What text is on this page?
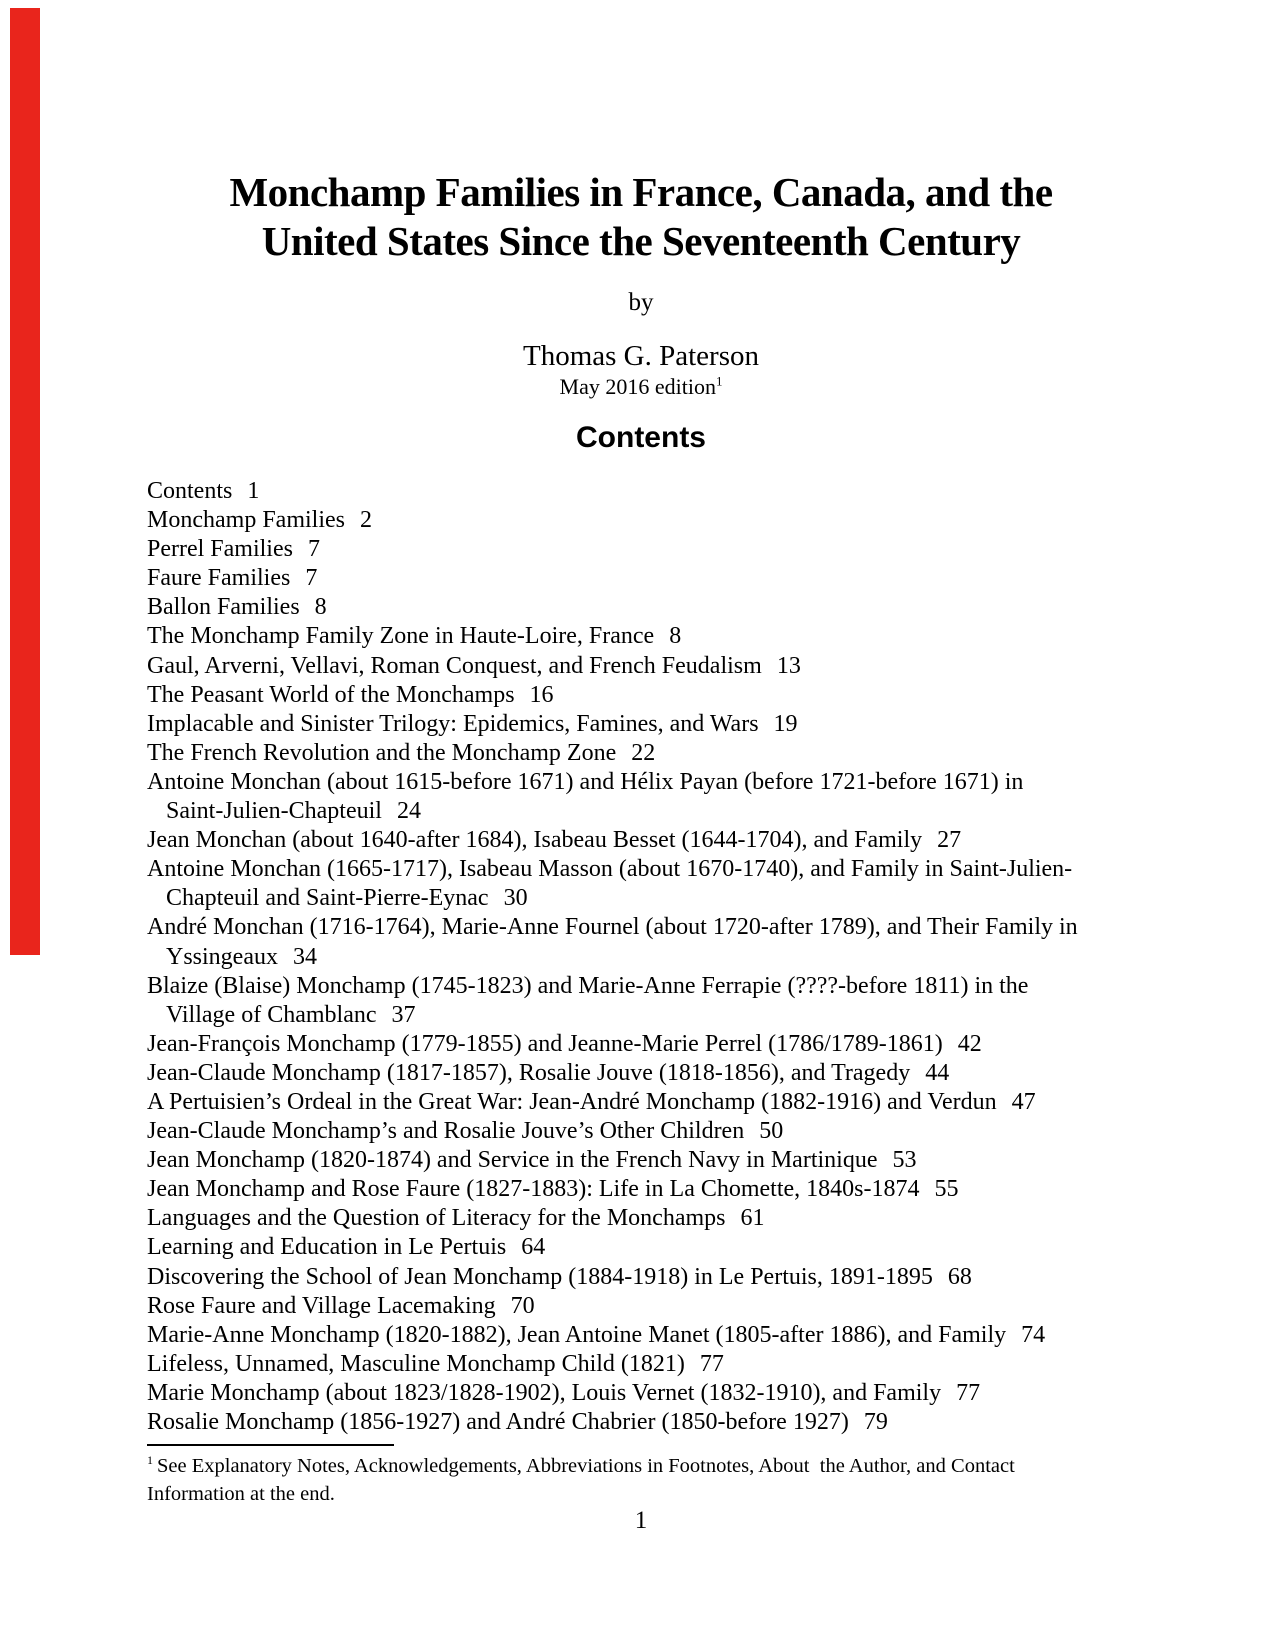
Monchamp Families in France, Canada, and the
United States Since the Seventeenth Century
by
Thomas G. Paterson
May 2016 edition$^1$
Contents
Contents 1
Monchamp Families 2
Perrel Families 7
Faure Families 7
Ballon Families 8
The Monchamp Family Zone in Haute-Loire, France 8
Gaul, Arverni, Vellavi, Roman Conquest, and French Feudalism 13
The Peasant World of the Monchamps 16
Implacable and Sinister Trilogy: Epidemics, Famines, and Wars 19
The French Revolution and the Monchamp Zone 22
Antoine Monchan (about 1615-before 1671) and Hélix Payan (before 1721-before 1671) in
Saint-Julien-Chapteuil 24
Jean Monchan (about 1640-after 1684), Isabeau Besset (1644-1704), and Family 27
Antoine Monchan (1665-1717), Isabeau Masson (about 1670-1740), and Family in Saint-Julien-
Chapteuil and Saint-Pierre-Eynac 30
André Monchan (1716-1764), Marie-Anne Fournel (about 1720-after 1789), and Their Family in
Yssingeaux 34
Blaize (Blaise) Monchamp (1745-1823) and Marie-Anne Ferrapie (????-before 1811) in the
Village of Chamblanc 37
Jean-François Monchamp (1779-1855) and Jeanne-Marie Perrel (1786/1789-1861) 42
Jean-Claude Monchamp (1817-1857), Rosalie Jouve (1818-1856), and Tragedy 44
A Pertuisien’s Ordeal in the Great War: Jean-André Monchamp (1882-1916) and Verdun 47
Jean-Claude Monchamp’s and Rosalie Jouve’s Other Children 50
Jean Monchamp (1820-1874) and Service in the French Navy in Martinique 53
Jean Monchamp and Rose Faure (1827-1883): Life in La Chomette, 1840s-1874 55
Languages and the Question of Literacy for the Monchamps 61
Learning and Education in Le Pertuis 64
Discovering the School of Jean Monchamp (1884-1918) in Le Pertuis, 1891-1895 68
Rose Faure and Village Lacemaking 70
Marie-Anne Monchamp (1820-1882), Jean Antoine Manet (1805-after 1886), and Family 74
Lifeless, Unnamed, Masculine Monchamp Child (1821) 77
Marie Monchamp (about 1823/1828-1902), Louis Vernet (1832-1910), and Family 77
Rosalie Monchamp (1856-1927) and André Chabrier (1850-before 1927) 79
$^1$ See Explanatory Notes, Acknowledgements, Abbreviations in Footnotes, About  the Author, and Contact
Information at the end.
1
